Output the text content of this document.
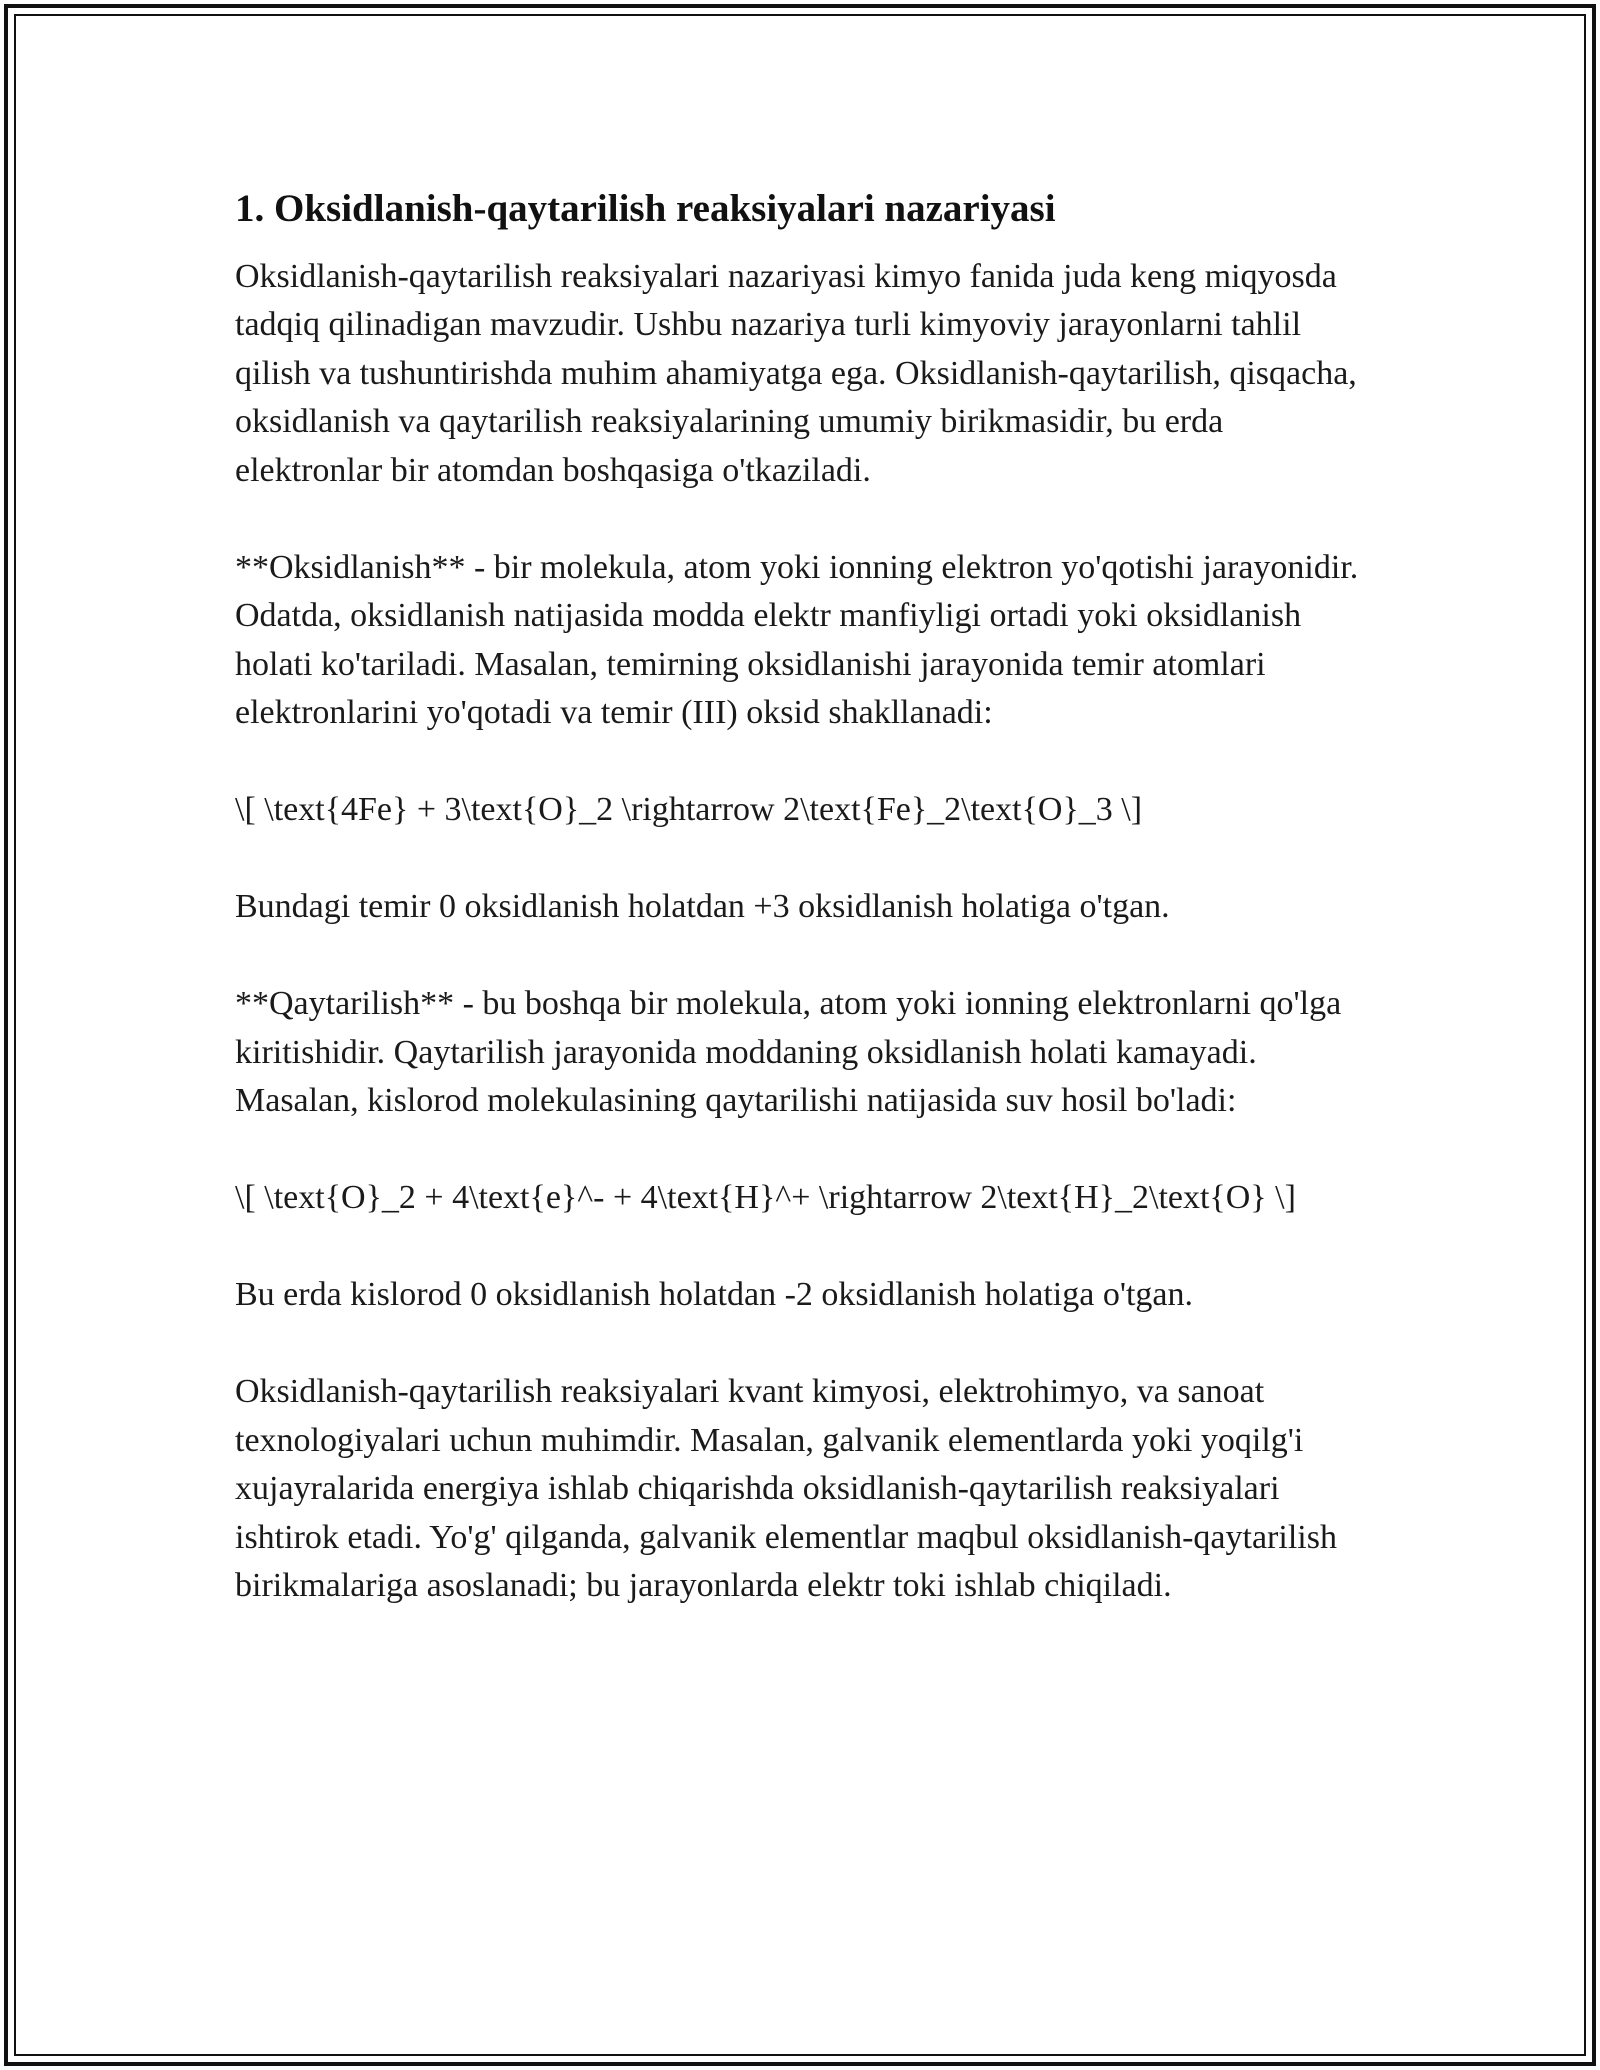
1. Oksidlanish-qaytarilish reaksiyalari nazariyasi

Oksidlanish-qaytarilish reaksiyalari nazariyasi kimyo fanida juda keng miqyosda tadqiq qilinadigan mavzudir. Ushbu nazariya turli kimyoviy jarayonlarni tahlil qilish va tushuntirishda muhim ahamiyatga ega. Oksidlanish-qaytarilish, qisqacha, oksidlanish va qaytarilish reaksiyalarining umumiy birikmasidir, bu erda elektronlar bir atomdan boshqasiga o'tkaziladi.

**Oksidlanish** - bir molekula, atom yoki ionning elektron yo'qotishi jarayonidir. Odatda, oksidlanish natijasida modda elektr manfiyligi ortadi yoki oksidlanish holati ko'tariladi. Masalan, temirning oksidlanishi jarayonida temir atomlari elektronlarini yo'qotadi va temir (III) oksid shakllanadi:

\[ \text{4Fe} + 3\text{O}_2 \rightarrow 2\text{Fe}_2\text{O}_3 \]

Bundagi temir 0 oksidlanish holatdan +3 oksidlanish holatiga o'tgan.

**Qaytarilish** - bu boshqa bir molekula, atom yoki ionning elektronlarni qo'lga kiritishidir. Qaytarilish jarayonida moddaning oksidlanish holati kamayadi. Masalan, kislorod molekulasining qaytarilishi natijasida suv hosil bo'ladi:

\[ \text{O}_2 + 4\text{e}^- + 4\text{H}^+ \rightarrow 2\text{H}_2\text{O} \]

Bu erda kislorod 0 oksidlanish holatdan -2 oksidlanish holatiga o'tgan.

Oksidlanish-qaytarilish reaksiyalari kvant kimyosi, elektrohimyo, va sanoat texnologiyalari uchun muhimdir. Masalan, galvanik elementlarda yoki yoqilg'i xujayralarida energiya ishlab chiqarishda oksidlanish-qaytarilish reaksiyalari ishtirok etadi. Yo'g' qilganda, galvanik elementlar maqbul oksidlanish-qaytarilish birikmalariga asoslanadi; bu jarayonlarda elektr toki ishlab chiqiladi.
